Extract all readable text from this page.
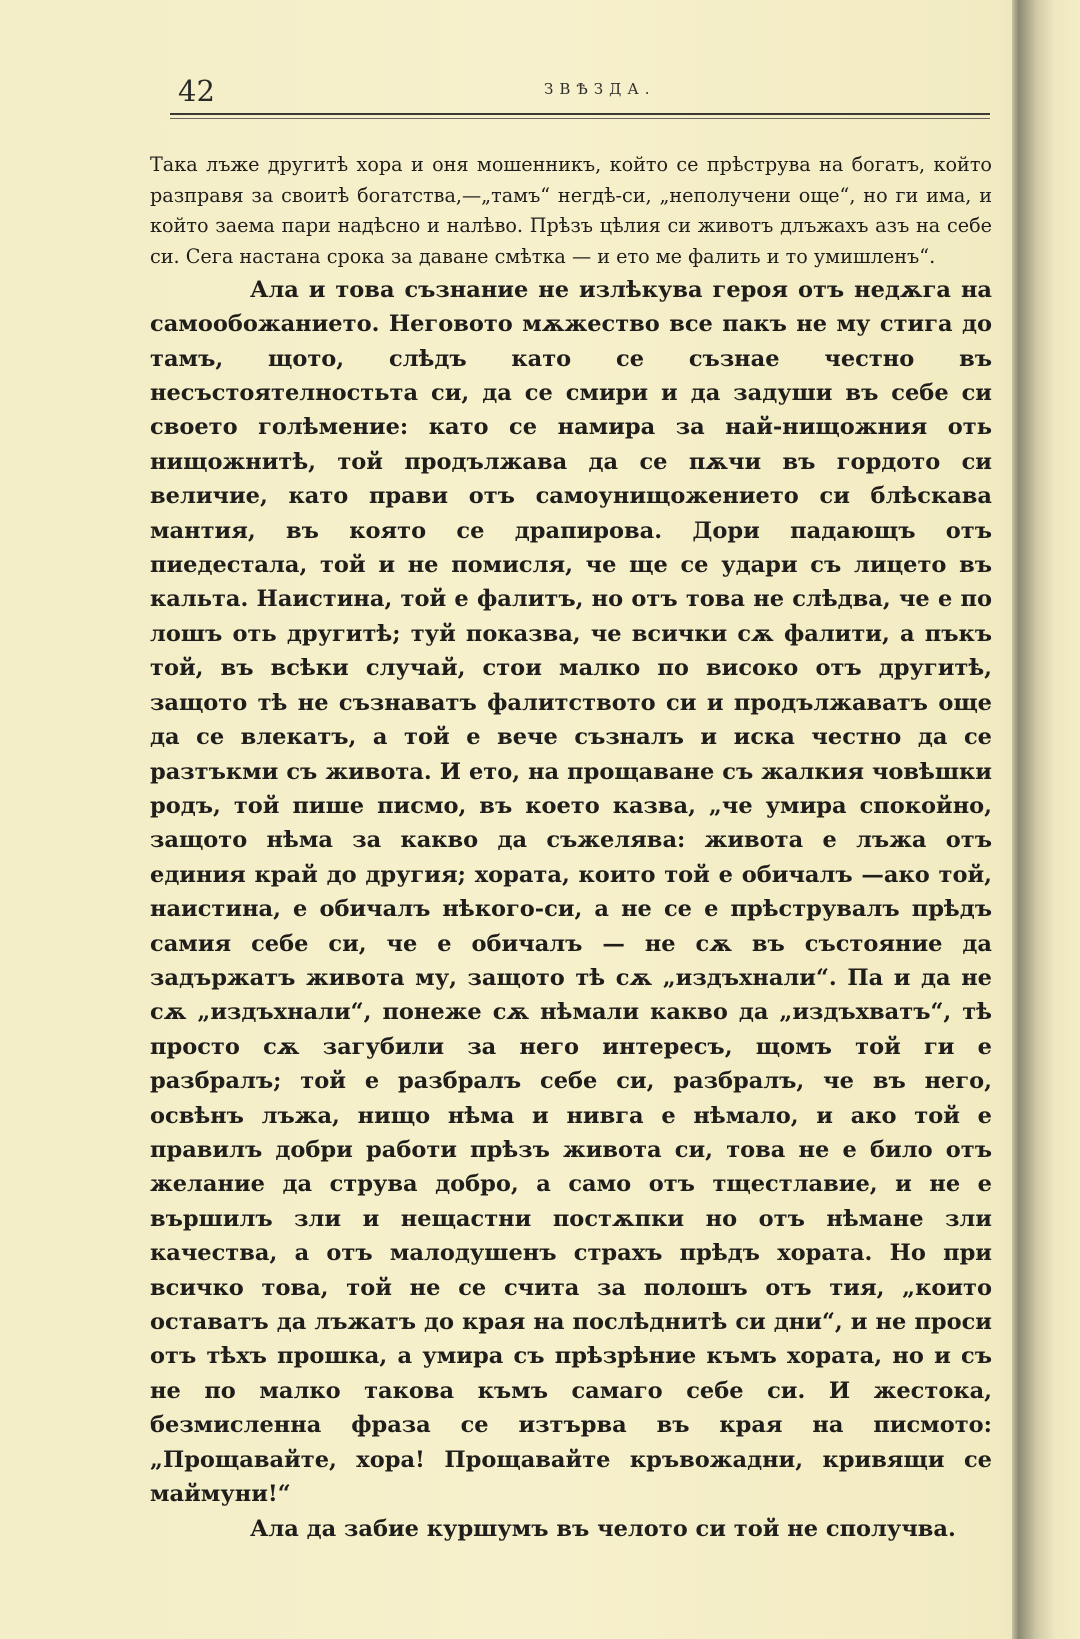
42	ЗВѢЗДА.

Така лъже другитѣ хора и оня мошенникъ, който се прѣструва на богатъ, който разправя за своитѣ богатства,—„тамъ“ негдѣ-си, „неполучени още“, но ги има, и който заема пари надѣсно и налѣво. Прѣзъ цѣлия си животъ длъжахъ азъ на себе си. Сега настана срока за даване смѣтка — и ето ме фалить и то умишленъ“.

Ала и това съзнание не излѣкува героя отъ недѫга на самообожанието. Неговото мѫжество все пакъ не му стига до тамъ, щото, слѣдъ като се съзнае честно въ несъстоятелностьта си, да се смири и да задуши въ себе си своето голѣмение: като се намира за най-нищожния оть нищожнитѣ, той продължава да се пѫчи въ гордото си величие, като прави отъ самоунищожението си блѣскава мантия, въ която се драпирова. Дори падающъ отъ пиедестала, той и не помисля, че ще се удари съ лицето въ кальта. Наистина, той е фалитъ, но отъ това не слѣдва, че е по лошъ оть другитѣ; туй показва, че всички сѫ фалити, а пъкъ той, въ всѣки случай, стои малко по високо отъ другитѣ, защото тѣ не съзнаватъ фалитството си и продължаватъ още да се влекатъ, а той е вече съзналъ и иска честно да се разтъкми съ живота. И ето, на прощаване съ жалкия човѣшки родъ, той пише писмо, въ което казва, „че умира спокойно, защото нѣма за какво да съжелява: живота е лъжа отъ единия край до другия; хората, които той е обичалъ —ако той, наистина, е обичалъ нѣкого-си, а не се е прѣструвалъ прѣдъ самия себе си, че е обичалъ — не сѫ въ състояние да задържатъ живота му, защото тѣ сѫ „издъхнали“. Па и да не сѫ „издъхнали“, понеже сѫ нѣмали какво да „издъхватъ“, тѣ просто сѫ загубили за него интересъ, щомъ той ги е разбралъ; той е разбралъ себе си, разбралъ, че въ него, освѣнъ лъжа, нищо нѣма и нивга е нѣмало, и ако той е правилъ добри работи прѣзъ живота си, това не е било отъ желание да струва добро, а само отъ тщестлавие, и не е вършилъ зли и нещастни постѫпки но отъ нѣмане зли качества, а отъ малодушенъ страхъ прѣдъ хората. Но при всичко това, той не се счита за полошъ отъ тия, „които оставатъ да лъжатъ до края на послѣднитѣ си дни“, и не проси отъ тѣхъ прошка, а умира съ прѣзрѣние къмъ хората, но и съ не по малко такова къмъ самаго себе си. И жестока, безмисленна фраза се изтърва въ края на писмото: „Прощавайте, хора! Прощавайте кръвожадни, кривящи се маймуни!“

Ала да забие куршумъ въ челото си той не сполучва.
